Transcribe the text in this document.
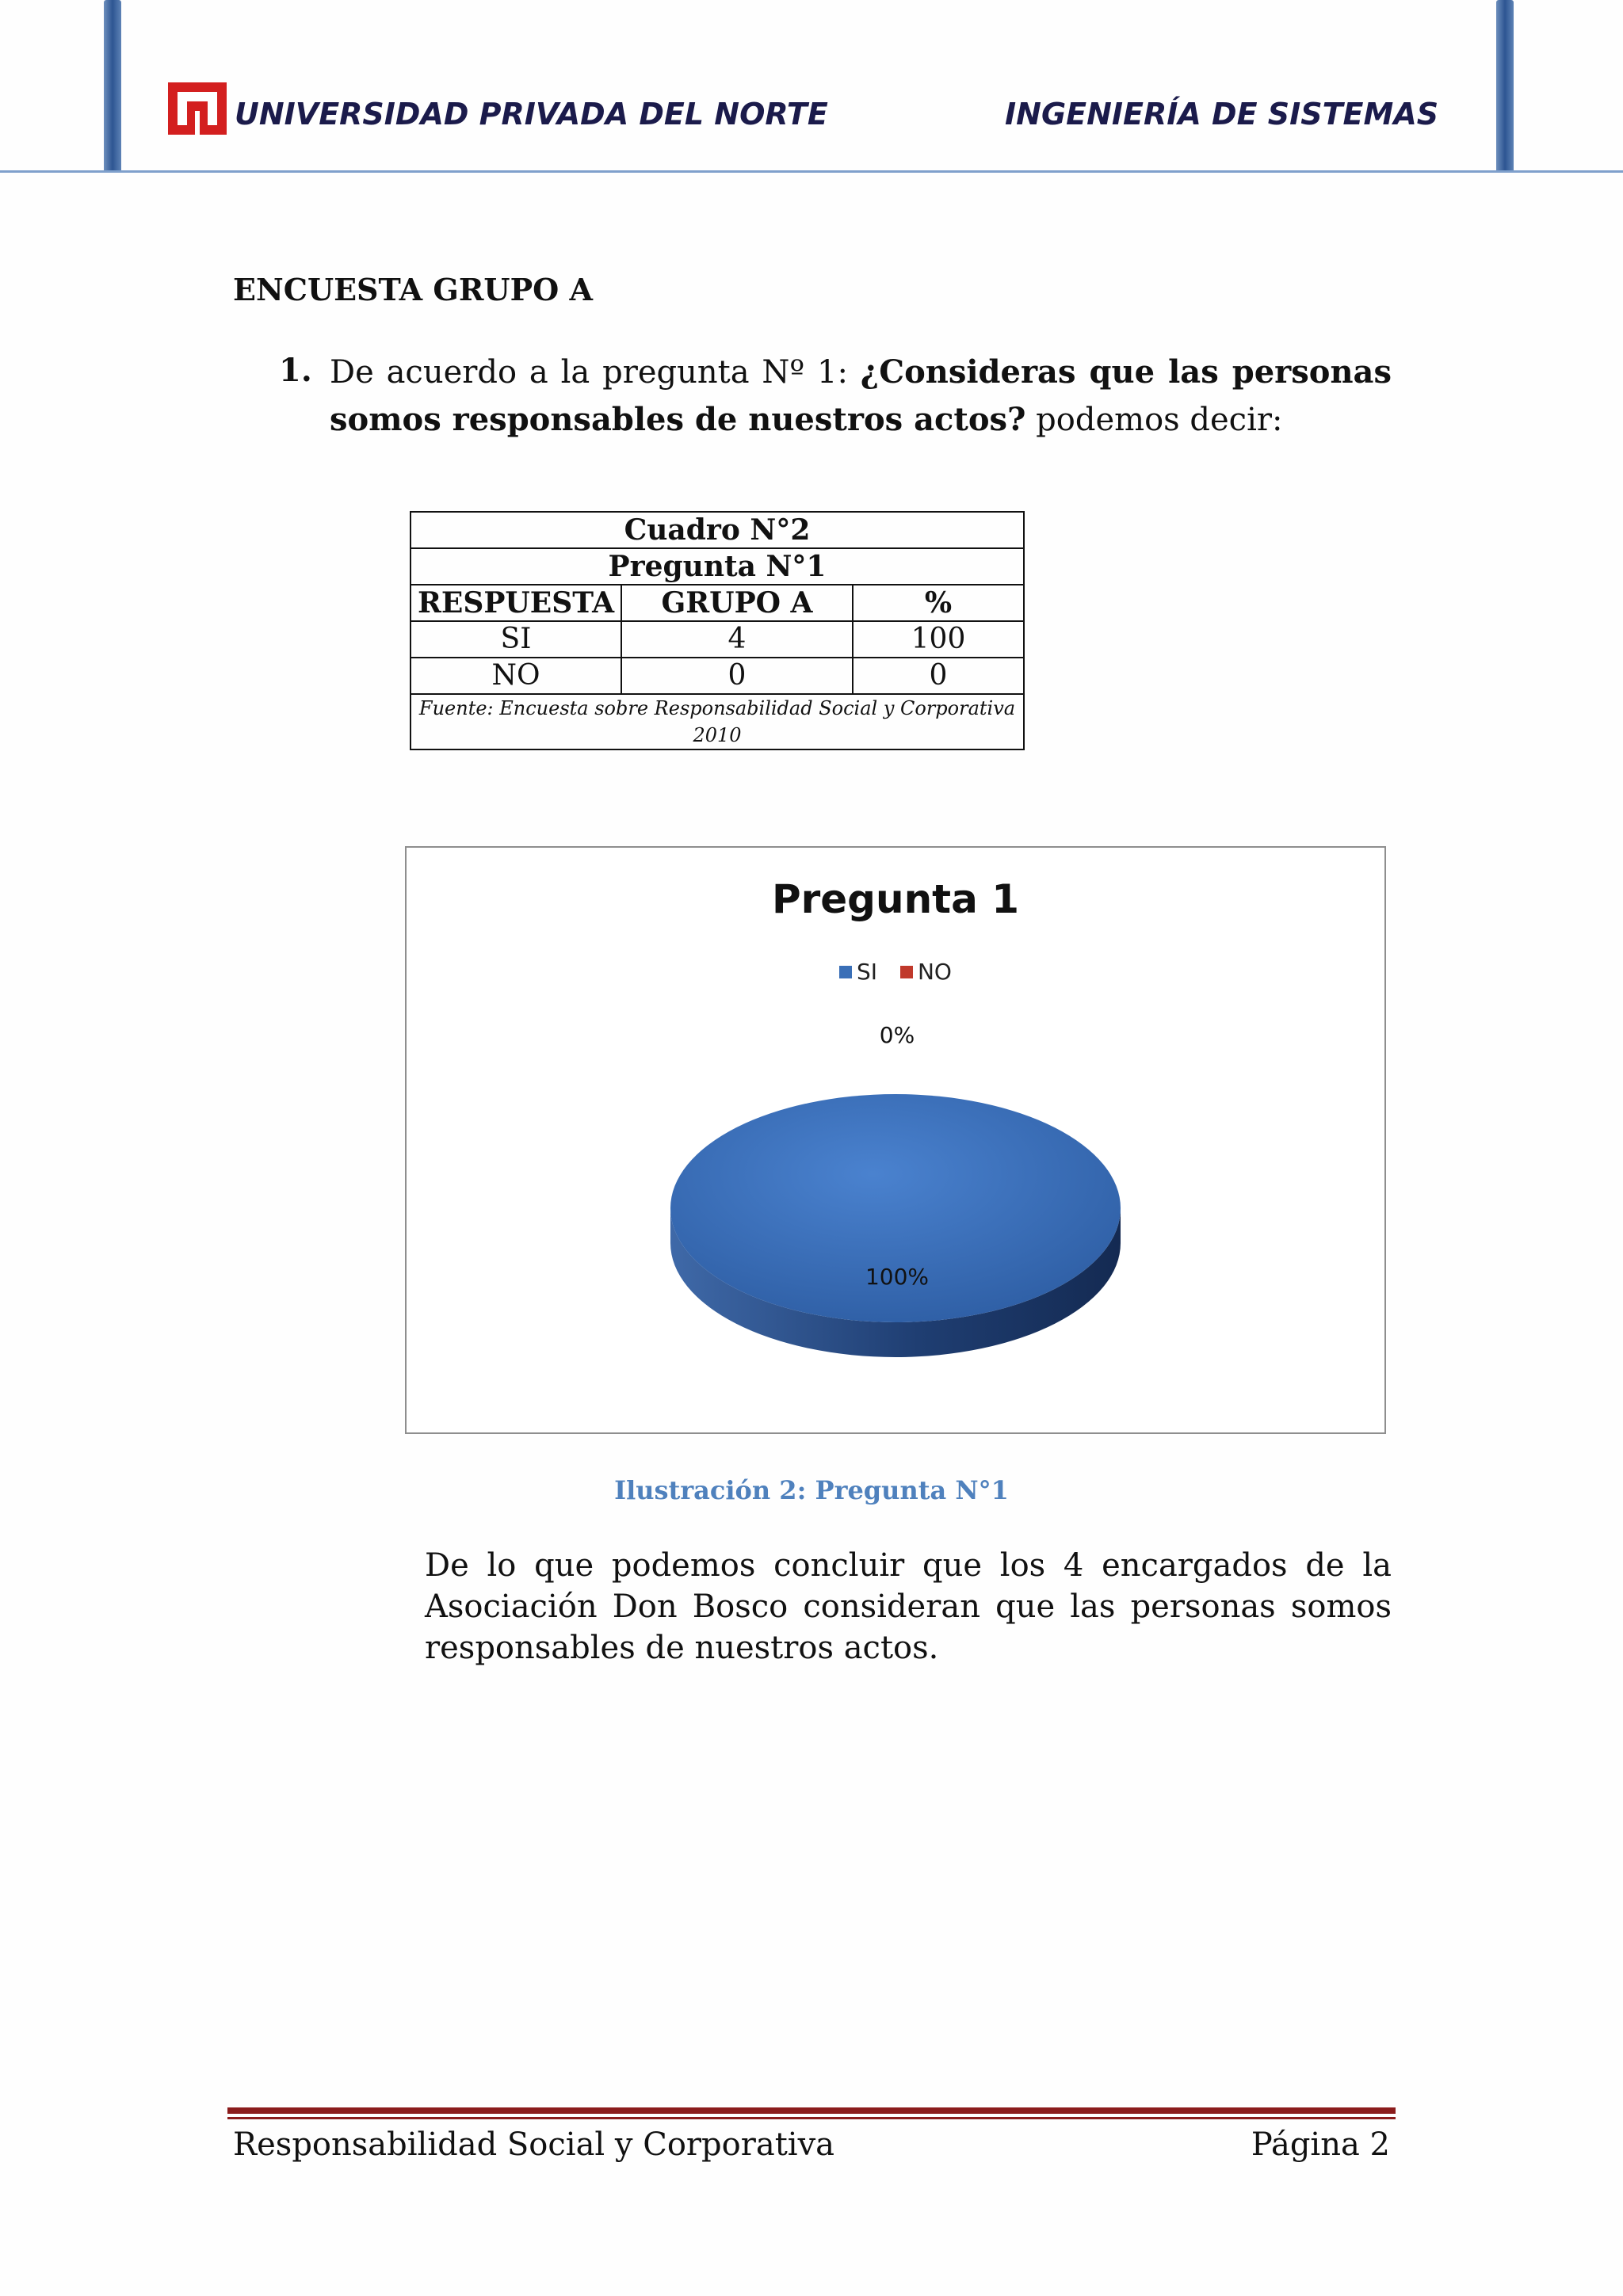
UNIVERSIDAD PRIVADA DEL NORTE	INGENIERÍA DE SISTEMAS
ENCUESTA GRUPO A
1. De acuerdo a la pregunta Nº 1: ¿Consideras que las personas somos responsables de nuestros actos? podemos decir:
Cuadro N°2		
Pregunta N°1		
RESPUESTA	GRUPO A	%
SI	4	100
NO	0	0
Fuente: Encuesta sobre Responsabilidad Social y Corporativa 2010		
Pregunta 1
SI NO
0%
100%
Ilustración 2: Pregunta N°1
De lo que podemos concluir que los 4 encargados de la Asociación Don Bosco consideran que las personas somos responsables de nuestros actos.
Responsabilidad Social y Corporativa	Página 2
